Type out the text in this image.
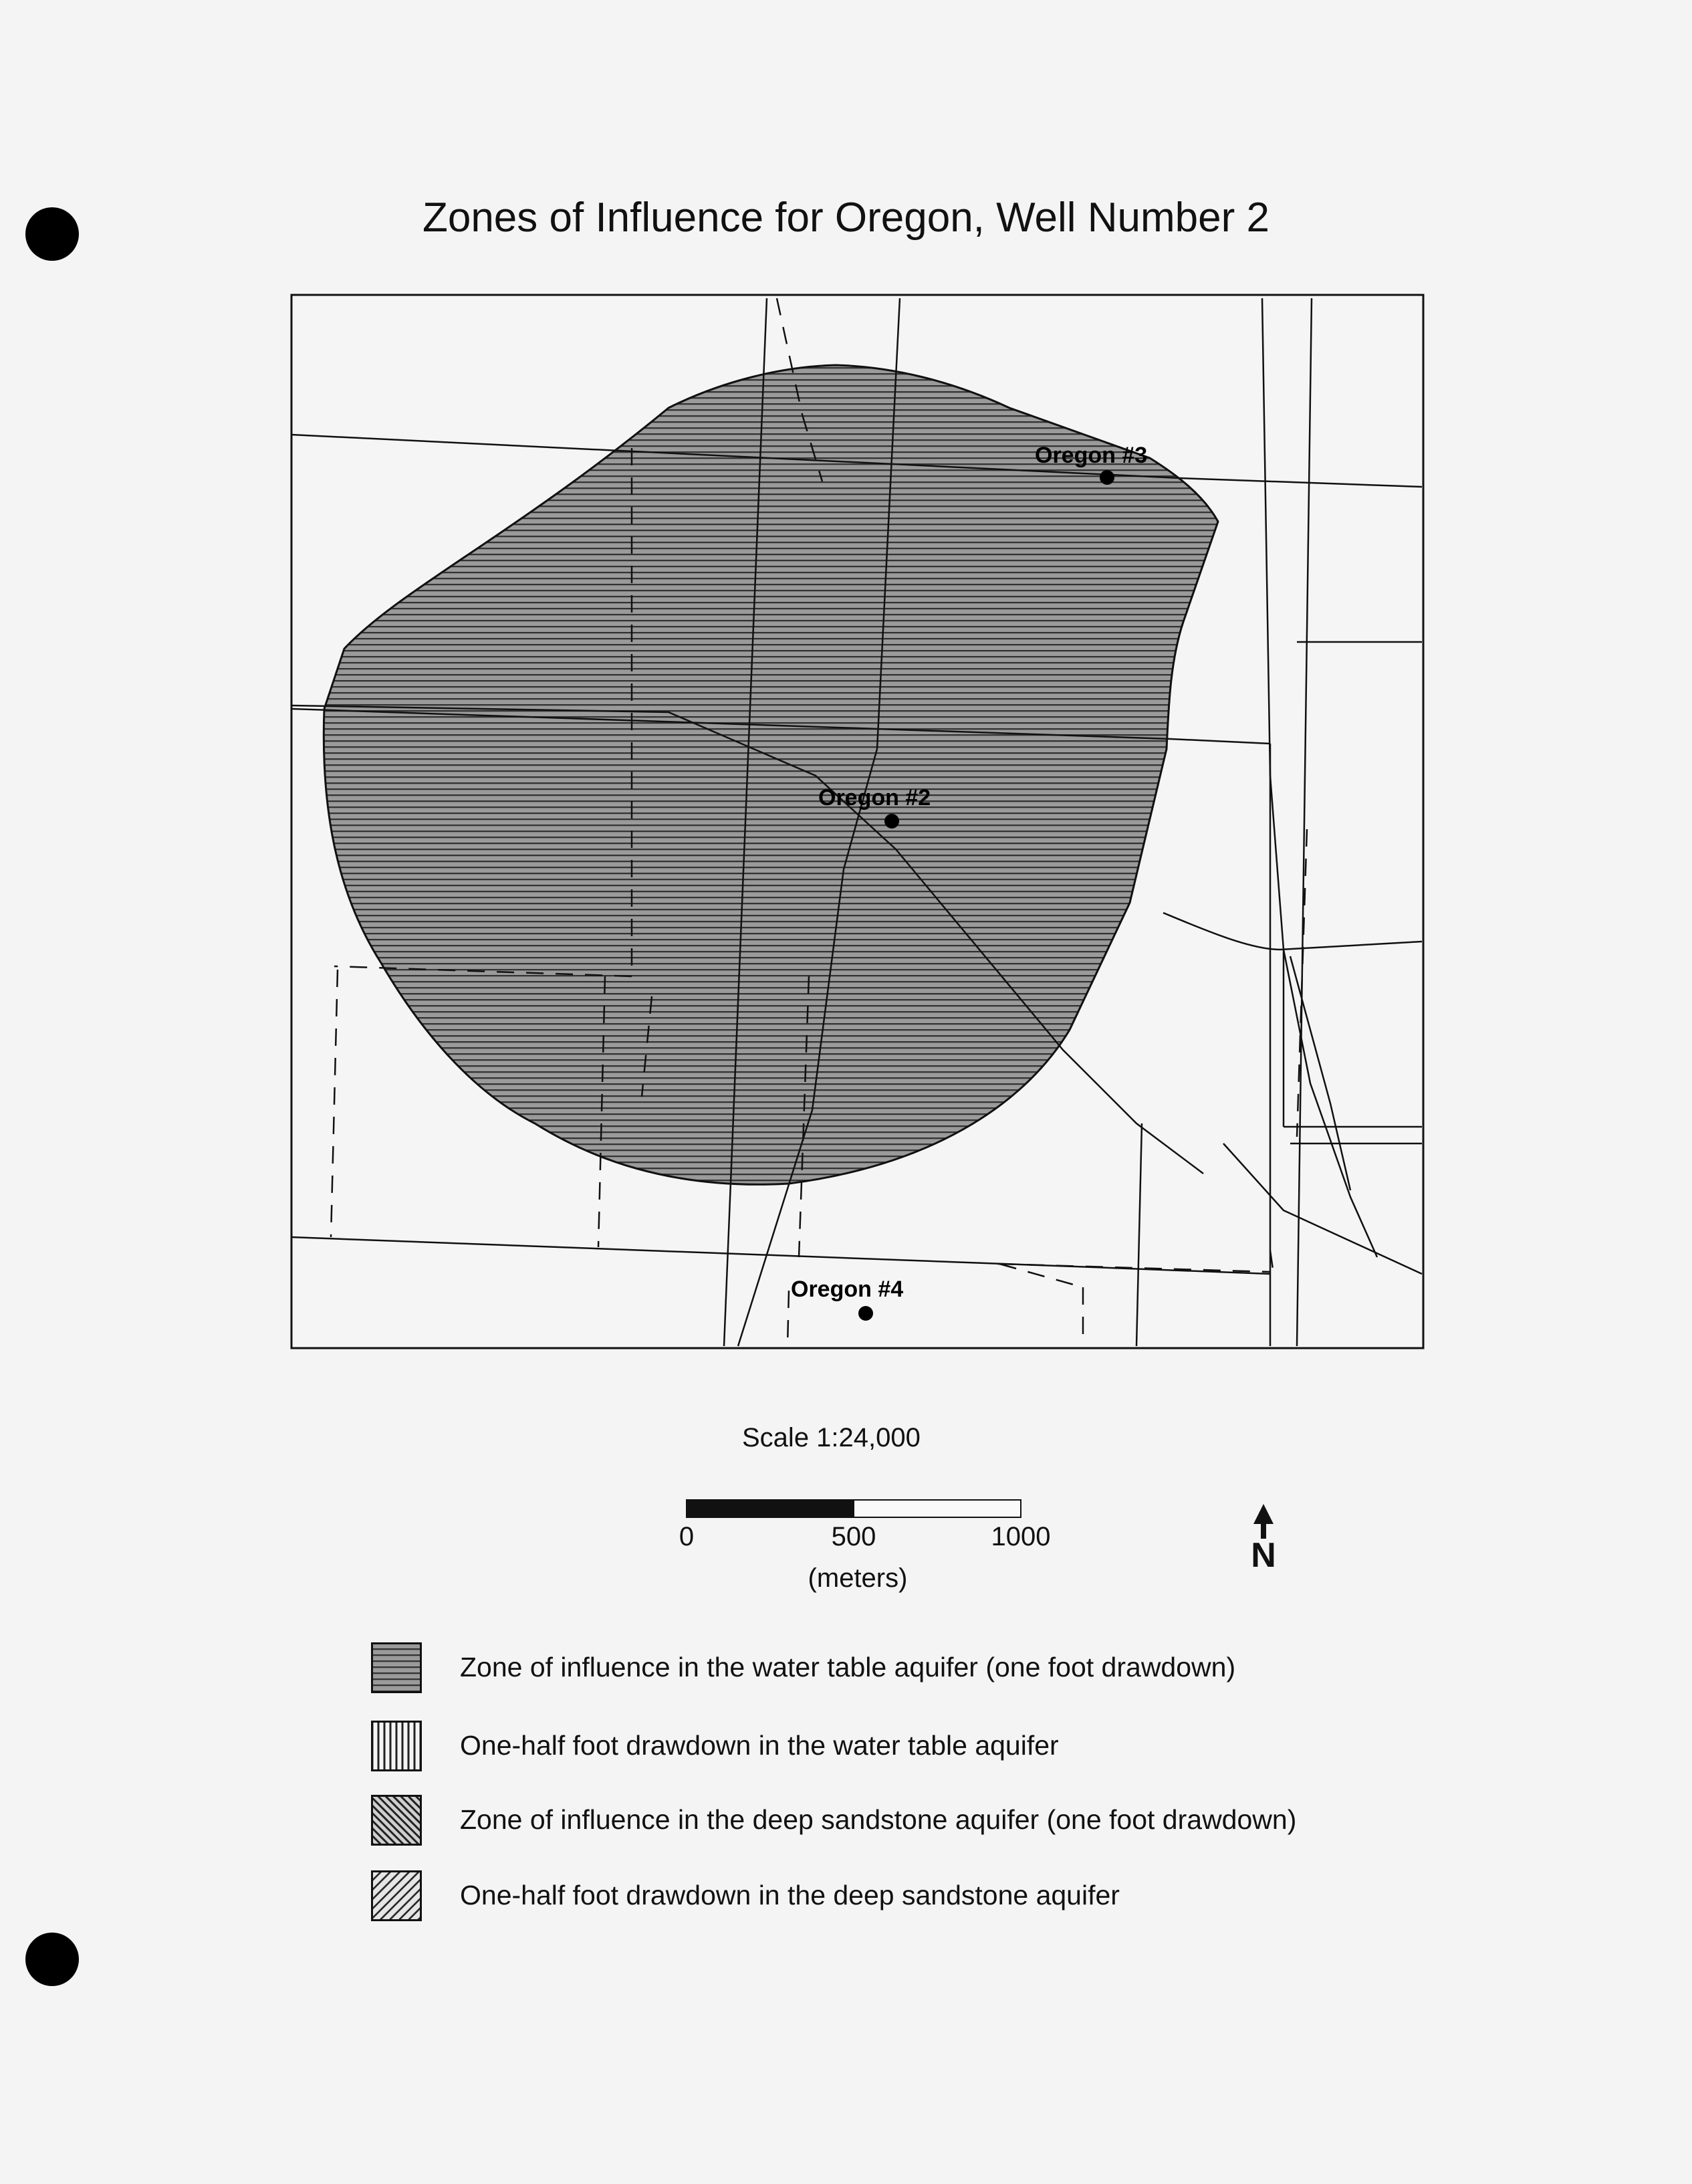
Zones of Influence for Oregon, Well Number 2
Oregon #3
Oregon #2
Oregon #4
Scale 1:24,000
0	500	1000
(meters)
N
Zone of influence in the water table aquifer (one foot drawdown)
One-half foot drawdown in the water table aquifer
Zone of influence in the deep sandstone aquifer (one foot drawdown)
One-half foot drawdown in the deep sandstone aquifer
